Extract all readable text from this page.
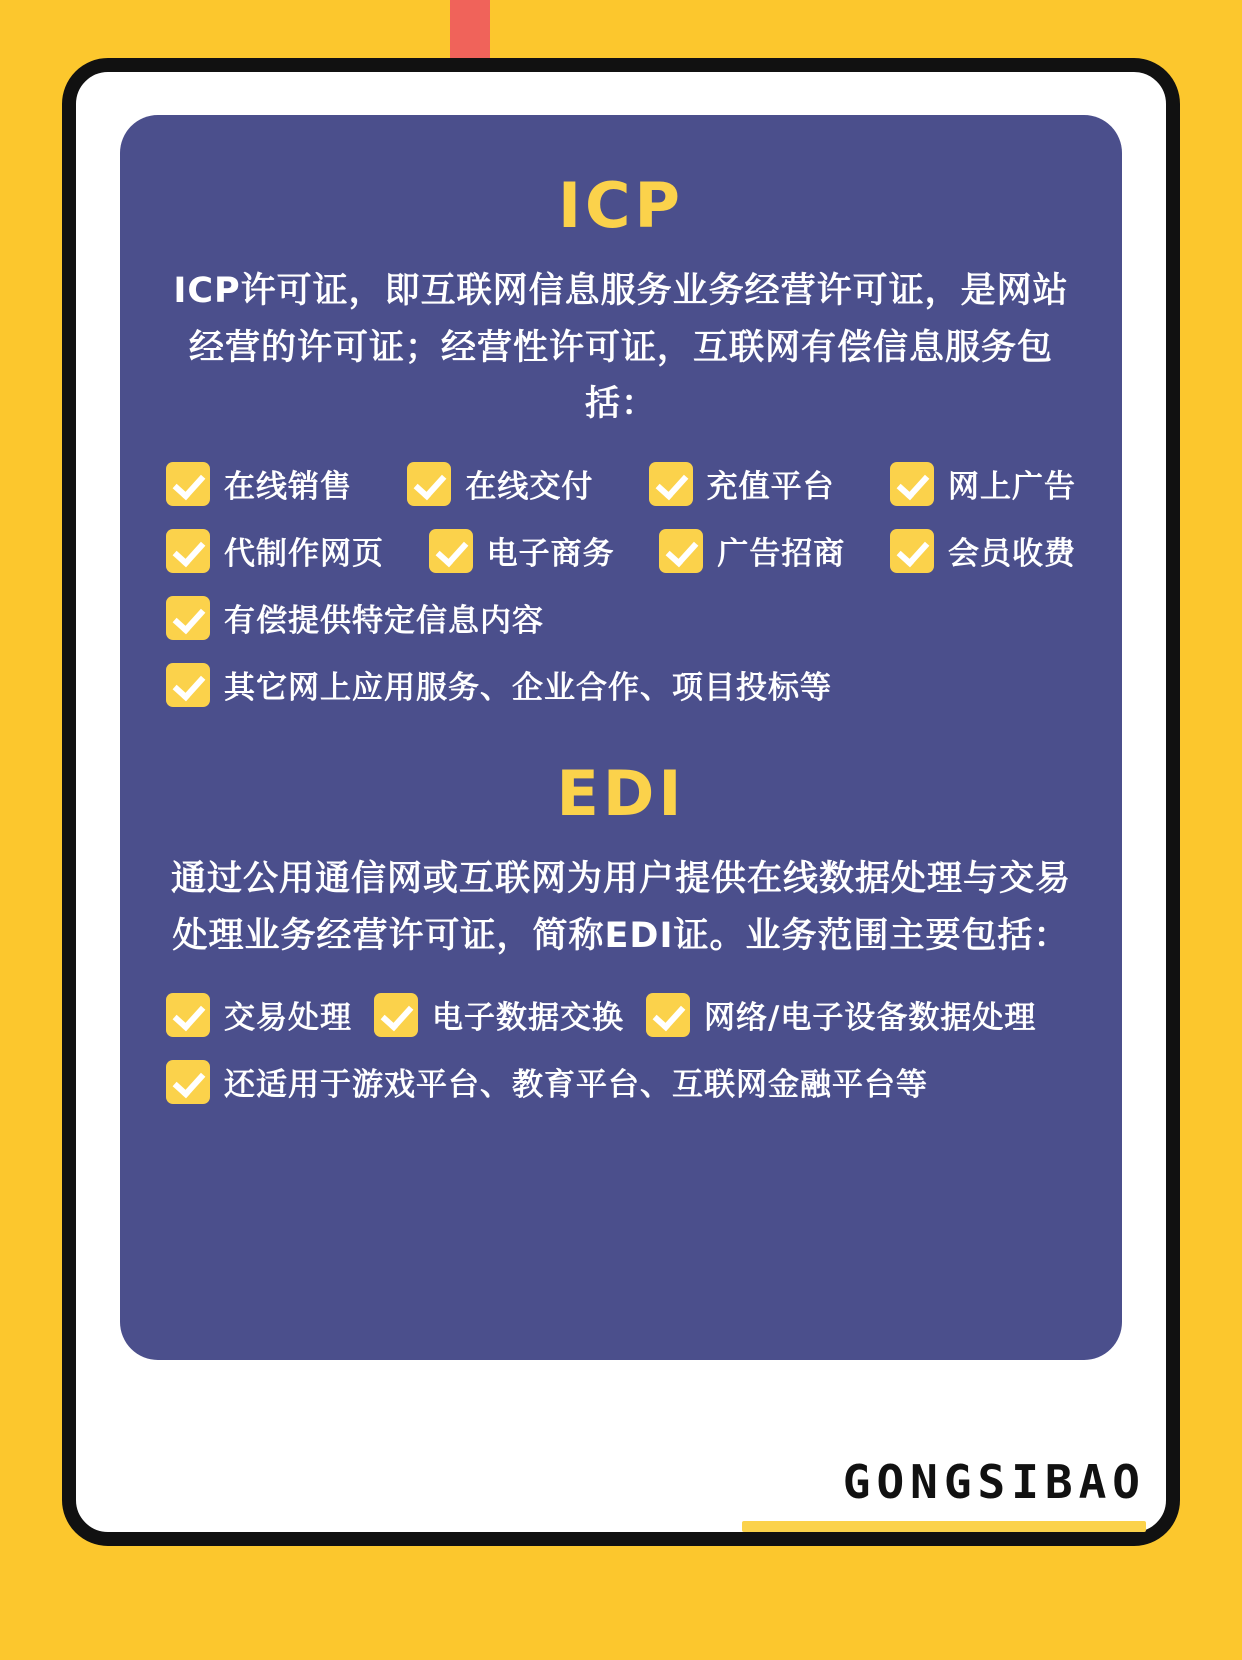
ICP
ICP许可证，即互联网信息服务业务经营许可证，是网站经营的许可证；经营性许可证，互联网有偿信息服务包括：
在线销售	在线交付	充值平台	网上广告
代制作网页	电子商务	广告招商	会员收费
有偿提供特定信息内容
其它网上应用服务、企业合作、项目投标等
EDI
通过公用通信网或互联网为用户提供在线数据处理与交易处理业务经营许可证，简称EDI证。业务范围主要包括：
交易处理	电子数据交换	网络/电子设备数据处理
还适用于游戏平台、教育平台、互联网金融平台等
GONGSIBAO
